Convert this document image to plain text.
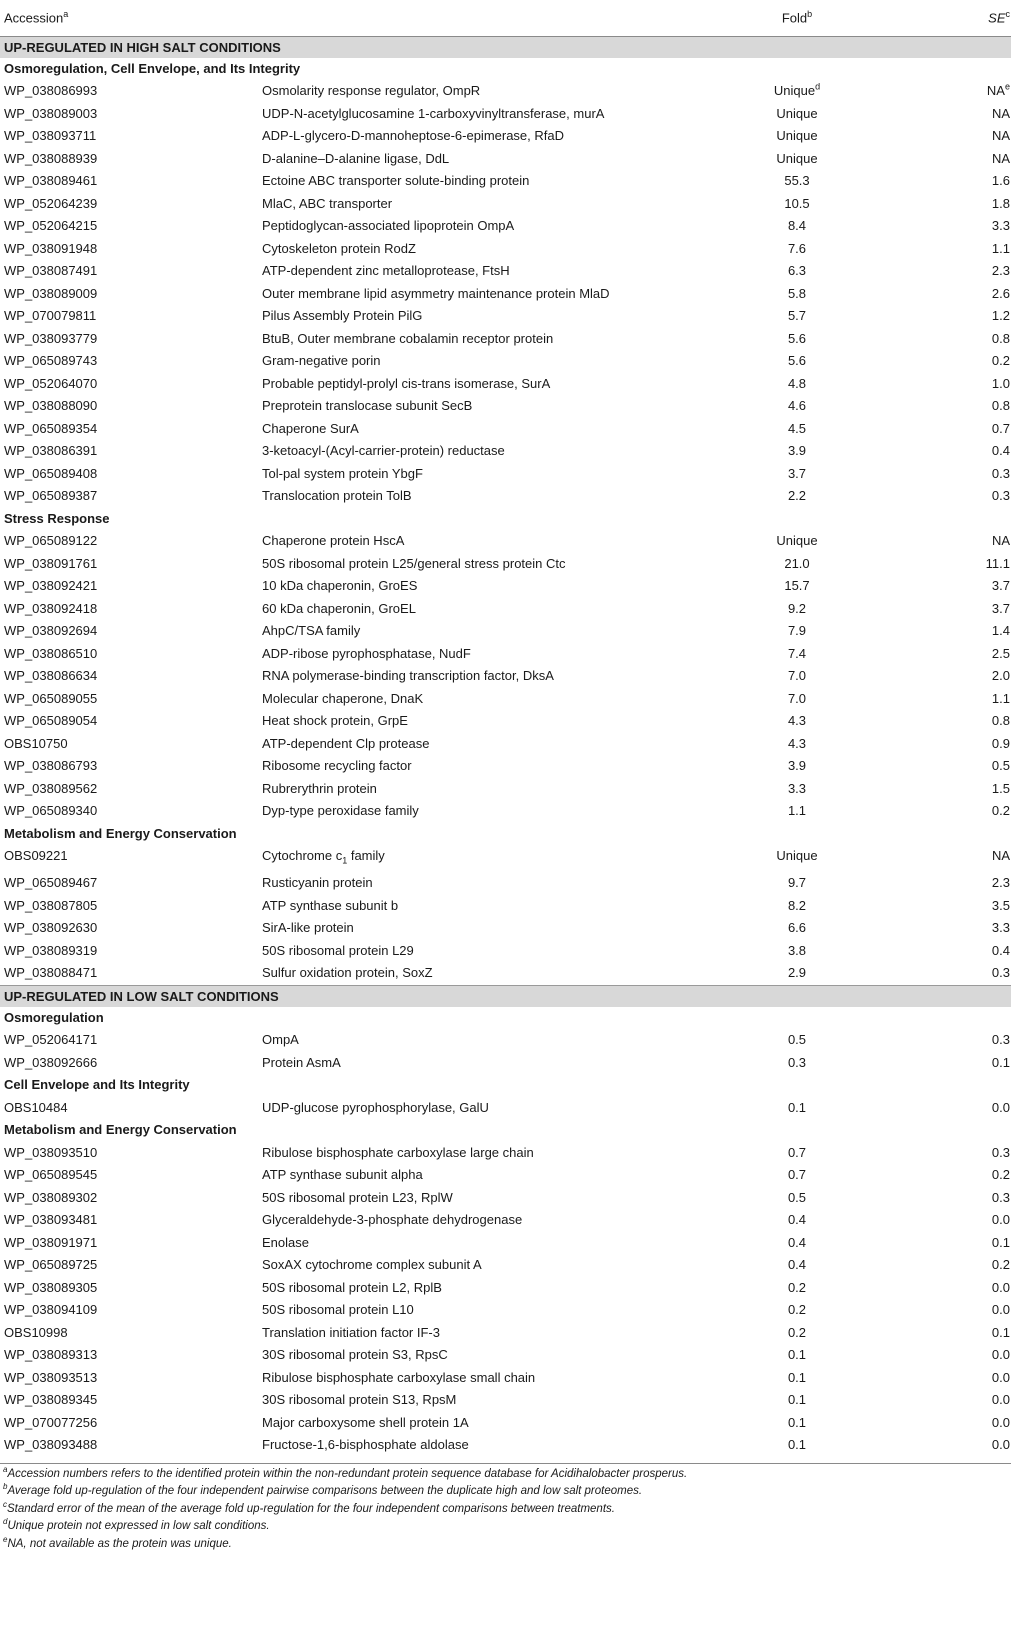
Accession$^a$		Fold$^b$	$SE^c$
UP-REGULATED IN HIGH SALT CONDITIONS			
Osmoregulation, Cell Envelope, and Its Integrity			
WP_038086993	Osmolarity response regulator, OmpR	Unique$^d$	$NA^e$
WP_038089003	UDP-N-acetylglucosamine 1-carboxyvinyltransferase, murA	Unique	NA
WP_038093711	ADP-L-glycero-D-mannoheptose-6-epimerase, RfaD	Unique	NA
WP_038088939	D-alanine–D-alanine ligase, DdL	Unique	NA
WP_038089461	Ectoine ABC transporter solute-binding protein	55.3	1.6
WP_052064239	MlaC, ABC transporter	10.5	1.8
WP_052064215	Peptidoglycan-associated lipoprotein OmpA	8.4	3.3
WP_038091948	Cytoskeleton protein RodZ	7.6	1.1
WP_038087491	ATP-dependent zinc metalloprotease, FtsH	6.3	2.3
WP_038089009	Outer membrane lipid asymmetry maintenance protein MlaD	5.8	2.6
WP_070079811	Pilus Assembly Protein PilG	5.7	1.2
WP_038093779	BtuB, Outer membrane cobalamin receptor protein	5.6	0.8
WP_065089743	Gram-negative porin	5.6	0.2
WP_052064070	Probable peptidyl-prolyl cis-trans isomerase, SurA	4.8	1.0
WP_038088090	Preprotein translocase subunit SecB	4.6	0.8
WP_065089354	Chaperone SurA	4.5	0.7
WP_038086391	3-ketoacyl-(Acyl-carrier-protein) reductase	3.9	0.4
WP_065089408	Tol-pal system protein YbgF	3.7	0.3
WP_065089387	Translocation protein TolB	2.2	0.3
Stress Response			
WP_065089122	Chaperone protein HscA	Unique	NA
WP_038091761	50S ribosomal protein L25/general stress protein Ctc	21.0	11.1
WP_038092421	10 kDa chaperonin, GroES	15.7	3.7
WP_038092418	60 kDa chaperonin, GroEL	9.2	3.7
WP_038092694	AhpC/TSA family	7.9	1.4
WP_038086510	ADP-ribose pyrophosphatase, NudF	7.4	2.5
WP_038086634	RNA polymerase-binding transcription factor, DksA	7.0	2.0
WP_065089055	Molecular chaperone, DnaK	7.0	1.1
WP_065089054	Heat shock protein, GrpE	4.3	0.8
OBS10750	ATP-dependent Clp protease	4.3	0.9
WP_038086793	Ribosome recycling factor	3.9	0.5
WP_038089562	Rubrerythrin protein	3.3	1.5
WP_065089340	Dyp-type peroxidase family	1.1	0.2
Metabolism and Energy Conservation			
OBS09221	Cytochrome $c_1$ family	Unique	NA
WP_065089467	Rusticyanin protein	9.7	2.3
WP_038087805	ATP synthase subunit b	8.2	3.5
WP_038092630	SirA-like protein	6.6	3.3
WP_038089319	50S ribosomal protein L29	3.8	0.4
WP_038088471	Sulfur oxidation protein, SoxZ	2.9	0.3
UP-REGULATED IN LOW SALT CONDITIONS			
Osmoregulation			
WP_052064171	OmpA	0.5	0.3
WP_038092666	Protein AsmA	0.3	0.1
Cell Envelope and Its Integrity			
OBS10484	UDP-glucose pyrophosphorylase, GalU	0.1	0.0
Metabolism and Energy Conservation			
WP_038093510	Ribulose bisphosphate carboxylase large chain	0.7	0.3
WP_065089545	ATP synthase subunit alpha	0.7	0.2
WP_038089302	50S ribosomal protein L23, RplW	0.5	0.3
WP_038093481	Glyceraldehyde-3-phosphate dehydrogenase	0.4	0.0
WP_038091971	Enolase	0.4	0.1
WP_065089725	SoxAX cytochrome complex subunit A	0.4	0.2
WP_038089305	50S ribosomal protein L2, RplB	0.2	0.0
WP_038094109	50S ribosomal protein L10	0.2	0.0
OBS10998	Translation initiation factor IF-3	0.2	0.1
WP_038089313	30S ribosomal protein S3, RpsC	0.1	0.0
WP_038093513	Ribulose bisphosphate carboxylase small chain	0.1	0.0
WP_038089345	30S ribosomal protein S13, RpsM	0.1	0.0
WP_070077256	Major carboxysome shell protein 1A	0.1	0.0
WP_038093488	Fructose-1,6-bisphosphate aldolase	0.1	0.0

$^a$Accession numbers refers to the identified protein within the non-redundant protein sequence database for Acidihalobacter prosperus.
$^b$Average fold up-regulation of the four independent pairwise comparisons between the duplicate high and low salt proteomes.
$^c$Standard error of the mean of the average fold up-regulation for the four independent comparisons between treatments.
$^d$Unique protein not expressed in low salt conditions.
$^e$NA, not available as the protein was unique.
